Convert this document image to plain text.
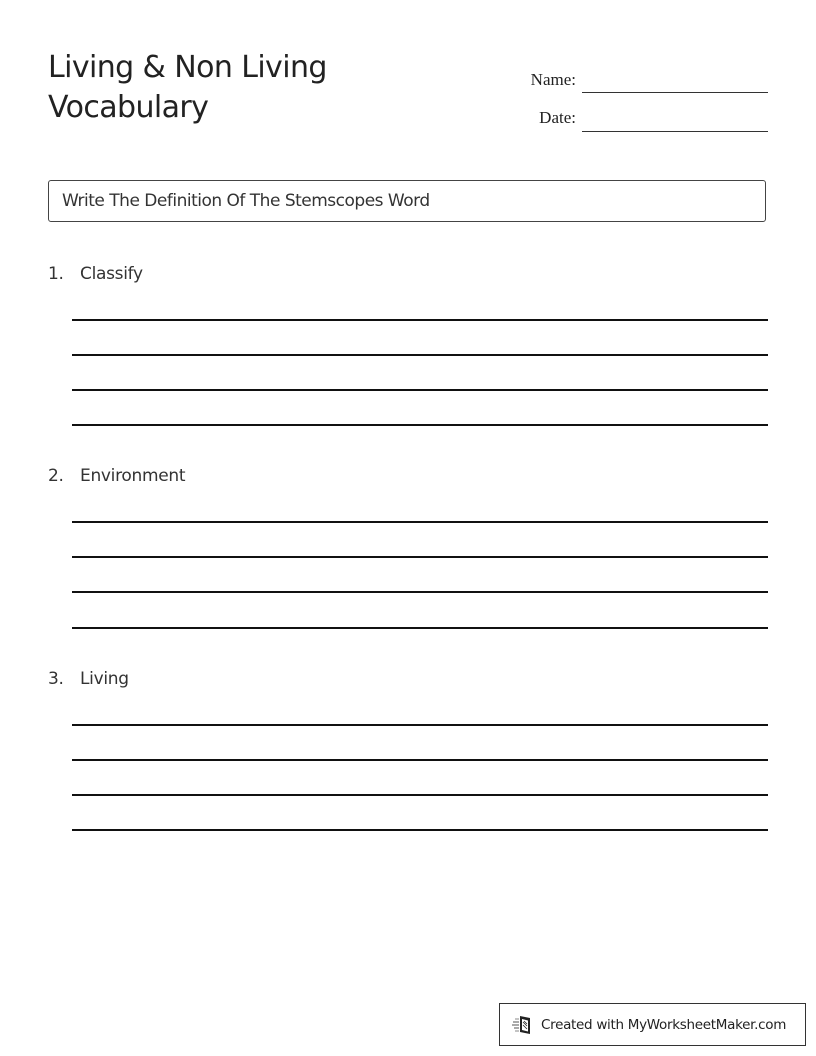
Living & Non Living
Vocabulary
Name:
Date:
Write The Definition Of The Stemscopes Word
1. Classify
2. Environment
3. Living
Created with MyWorksheetMaker.com
